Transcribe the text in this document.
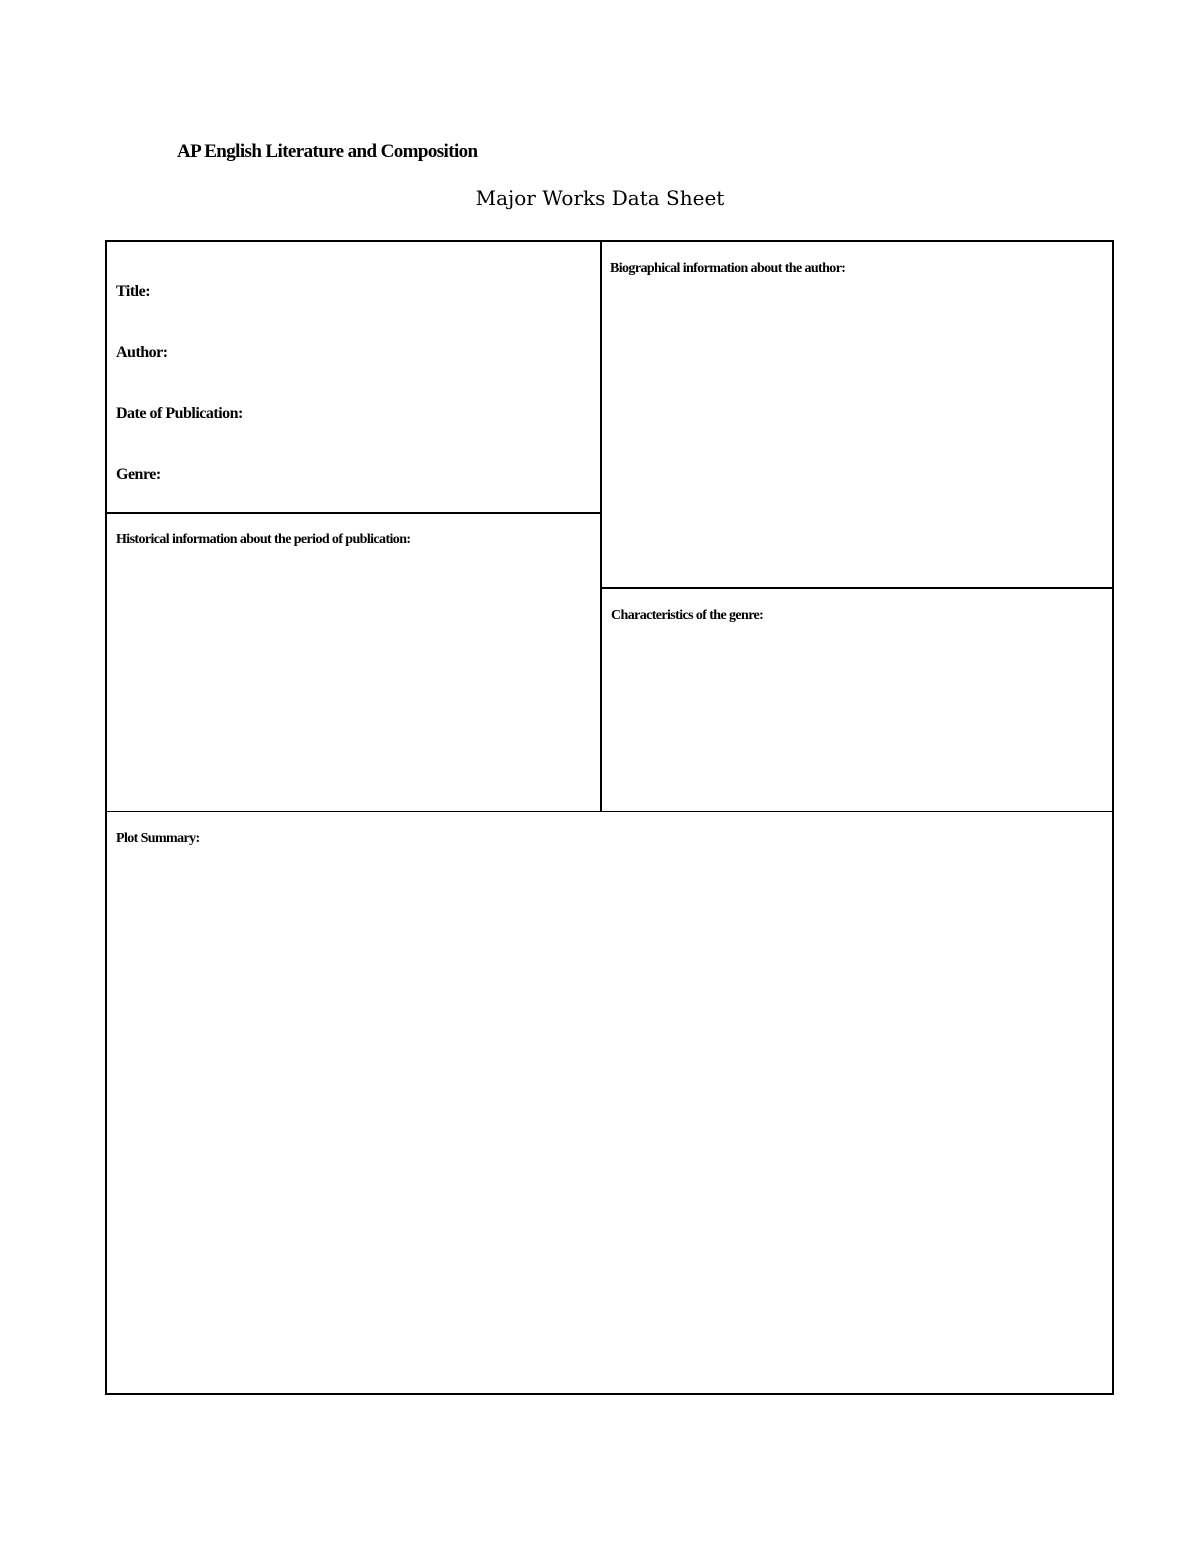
AP English Literature and Composition
Major Works Data Sheet
Title:
Author:
Date of Publication:
Genre:
Biographical information about the author:
Historical information about the period of publication:
Characteristics of the genre:
Plot Summary:
